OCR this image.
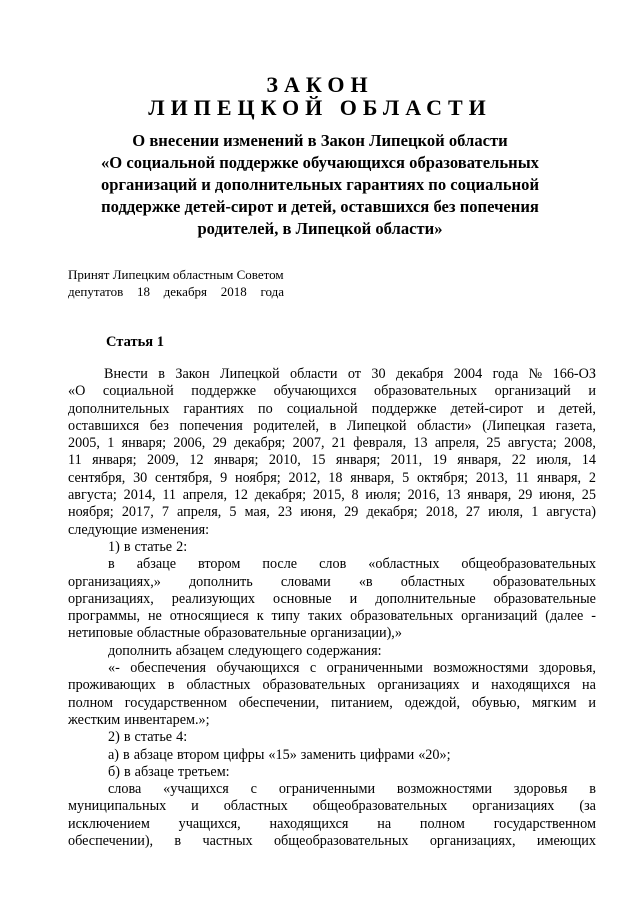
ЗАКОН
ЛИПЕЦКОЙ ОБЛАСТИ
О внесении изменений в Закон Липецкой области
«О социальной поддержке обучающихся образовательных
организаций и дополнительных гарантиях по социальной
поддержке детей-сирот и детей, оставшихся без попечения
родителей, в Липецкой области»
Принят Липецким областным Советом
депутатов 18 декабря 2018 года
Статья 1
Внести в Закон Липецкой области от 30 декабря 2004 года № 166-ОЗ
«О социальной поддержке обучающихся образовательных организаций и
дополнительных гарантиях по социальной поддержке детей-сирот и детей,
оставшихся без попечения родителей, в Липецкой области» (Липецкая газета,
2005, 1 января; 2006, 29 декабря; 2007, 21 февраля, 13 апреля, 25 августа; 2008,
11 января; 2009, 12 января; 2010, 15 января; 2011, 19 января, 22 июля, 14
сентября, 30 сентября, 9 ноября; 2012, 18 января, 5 октября; 2013, 11 января, 2
августа; 2014, 11 апреля, 12 декабря; 2015, 8 июля; 2016, 13 января, 29 июня, 25
ноября; 2017, 7 апреля, 5 мая, 23 июня, 29 декабря; 2018, 27 июля, 1 августа)
следующие изменения:
1) в статье 2:
в абзаце втором после слов «областных общеобразовательных
организациях,» дополнить словами «в областных образовательных
организациях, реализующих основные и дополнительные образовательные
программы, не относящиеся к типу таких образовательных организаций (далее -
нетиповые областные образовательные организации),»
дополнить абзацем следующего содержания:
«- обеспечения обучающихся с ограниченными возможностями здоровья,
проживающих в областных образовательных организациях и находящихся на
полном государственном обеспечении, питанием, одеждой, обувью, мягким и
жестким инвентарем.»;
2) в статье 4:
а) в абзаце втором цифры «15» заменить цифрами «20»;
б) в абзаце третьем:
слова «учащихся с ограниченными возможностями здоровья в
муниципальных и областных общеобразовательных организациях (за
исключением учащихся, находящихся на полном государственном
обеспечении), в частных общеобразовательных организациях, имеющих
